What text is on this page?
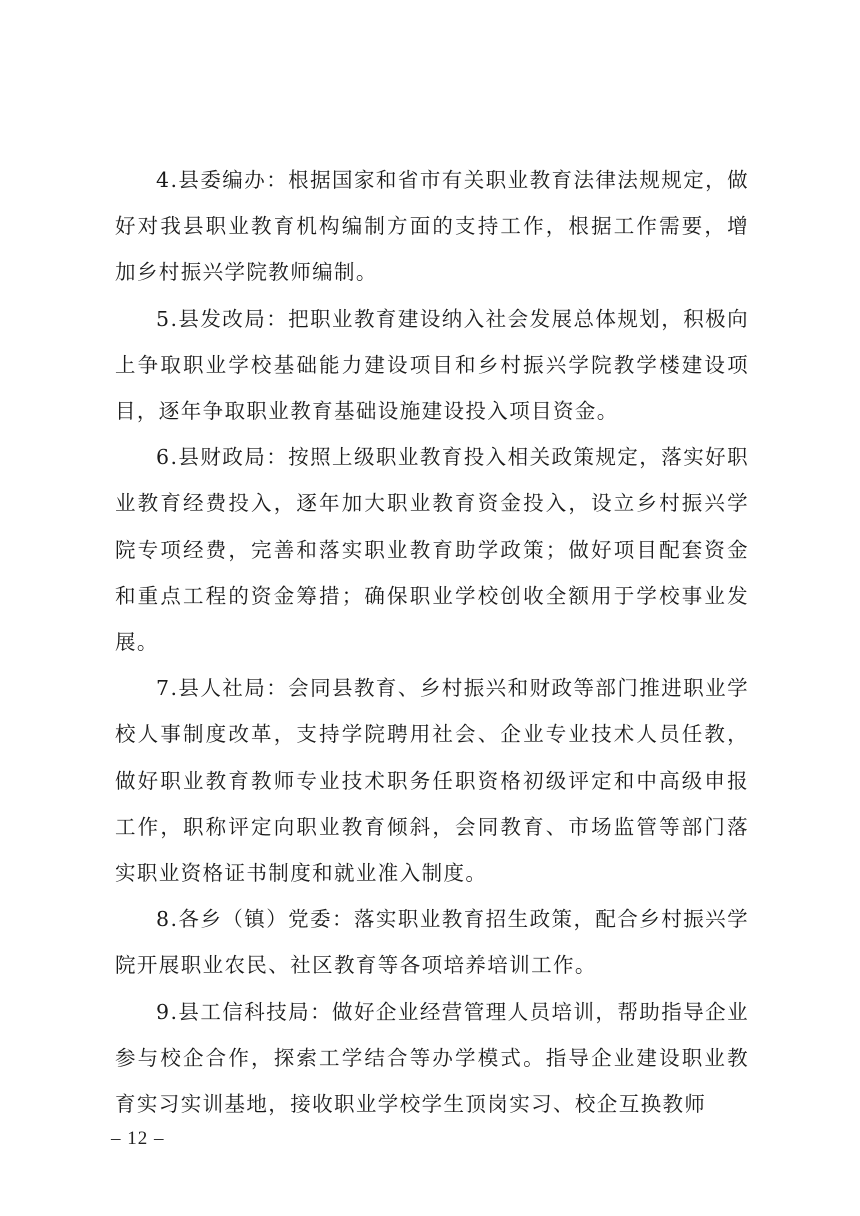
4.县委编办：根据国家和省市有关职业教育法律法规规定，做好对我县职业教育机构编制方面的支持工作，根据工作需要，增加乡村振兴学院教师编制。

5.县发改局：把职业教育建设纳入社会发展总体规划，积极向上争取职业学校基础能力建设项目和乡村振兴学院教学楼建设项目，逐年争取职业教育基础设施建设投入项目资金。

6.县财政局：按照上级职业教育投入相关政策规定，落实好职业教育经费投入，逐年加大职业教育资金投入，设立乡村振兴学院专项经费，完善和落实职业教育助学政策；做好项目配套资金和重点工程的资金筹措；确保职业学校创收全额用于学校事业发展。

7.县人社局：会同县教育、乡村振兴和财政等部门推进职业学校人事制度改革，支持学院聘用社会、企业专业技术人员任教，做好职业教育教师专业技术职务任职资格初级评定和中高级申报工作，职称评定向职业教育倾斜，会同教育、市场监管等部门落实职业资格证书制度和就业准入制度。

8.各乡（镇）党委：落实职业教育招生政策，配合乡村振兴学院开展职业农民、社区教育等各项培养培训工作。

9.县工信科技局：做好企业经营管理人员培训，帮助指导企业参与校企合作，探索工学结合等办学模式。指导企业建设职业教育实习实训基地，接收职业学校学生顶岗实习、校企互换教师

– 12 –
